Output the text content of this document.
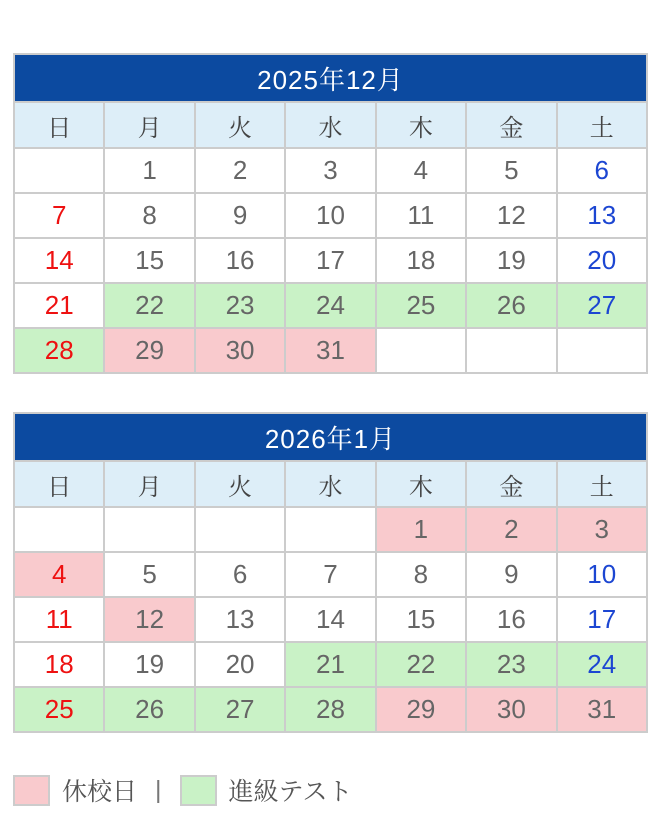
2025年12月						
日	月	火	水	木	金	土
	1	2	3	4	5	6
7	8	9	10	11	12	13
14	15	16	17	18	19	20
21	22	23	24	25	26	27
28	29	30	31			
2026年1月						
日	月	火	水	木	金	土
				1	2	3
4	5	6	7	8	9	10
11	12	13	14	15	16	17
18	19	20	21	22	23	24
25	26	27	28	29	30	31
休校日 |	進級テスト
